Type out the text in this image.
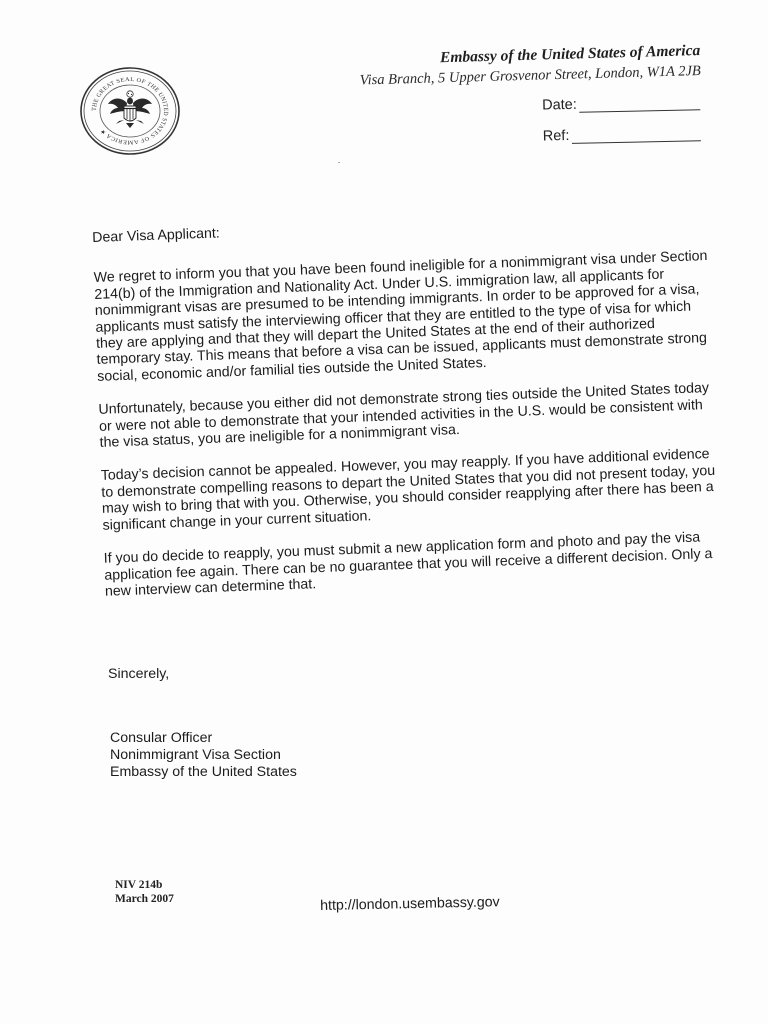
THE GREAT SEAL OF THE UNITED STATES OF AMERICA ★
Embassy of the United States of America
Visa Branch, 5 Upper Grosvenor Street, London, W1A 2JB
Date:
Ref:

Dear Visa Applicant:

We regret to inform you that you have been found ineligible for a nonimmigrant visa under Section 214(b) of the Immigration and Nationality Act. Under U.S. immigration law, all applicants for nonimmigrant visas are presumed to be intending immigrants. In order to be approved for a visa, applicants must satisfy the interviewing officer that they are entitled to the type of visa for which they are applying and that they will depart the United States at the end of their authorized temporary stay. This means that before a visa can be issued, applicants must demonstrate strong social, economic and/or familial ties outside the United States.

Unfortunately, because you either did not demonstrate strong ties outside the United States today or were not able to demonstrate that your intended activities in the U.S. would be consistent with the visa status, you are ineligible for a nonimmigrant visa.

Today’s decision cannot be appealed. However, you may reapply. If you have additional evidence to demonstrate compelling reasons to depart the United States that you did not present today, you may wish to bring that with you. Otherwise, you should consider reapplying after there has been a significant change in your current situation.

If you do decide to reapply, you must submit a new application form and photo and pay the visa application fee again. There can be no guarantee that you will receive a different decision. Only a new interview can determine that.

Sincerely,
Consular Officer
Nonimmigrant Visa Section
Embassy of the United States
NIV 214b
March 2007	http://london.usembassy.gov
